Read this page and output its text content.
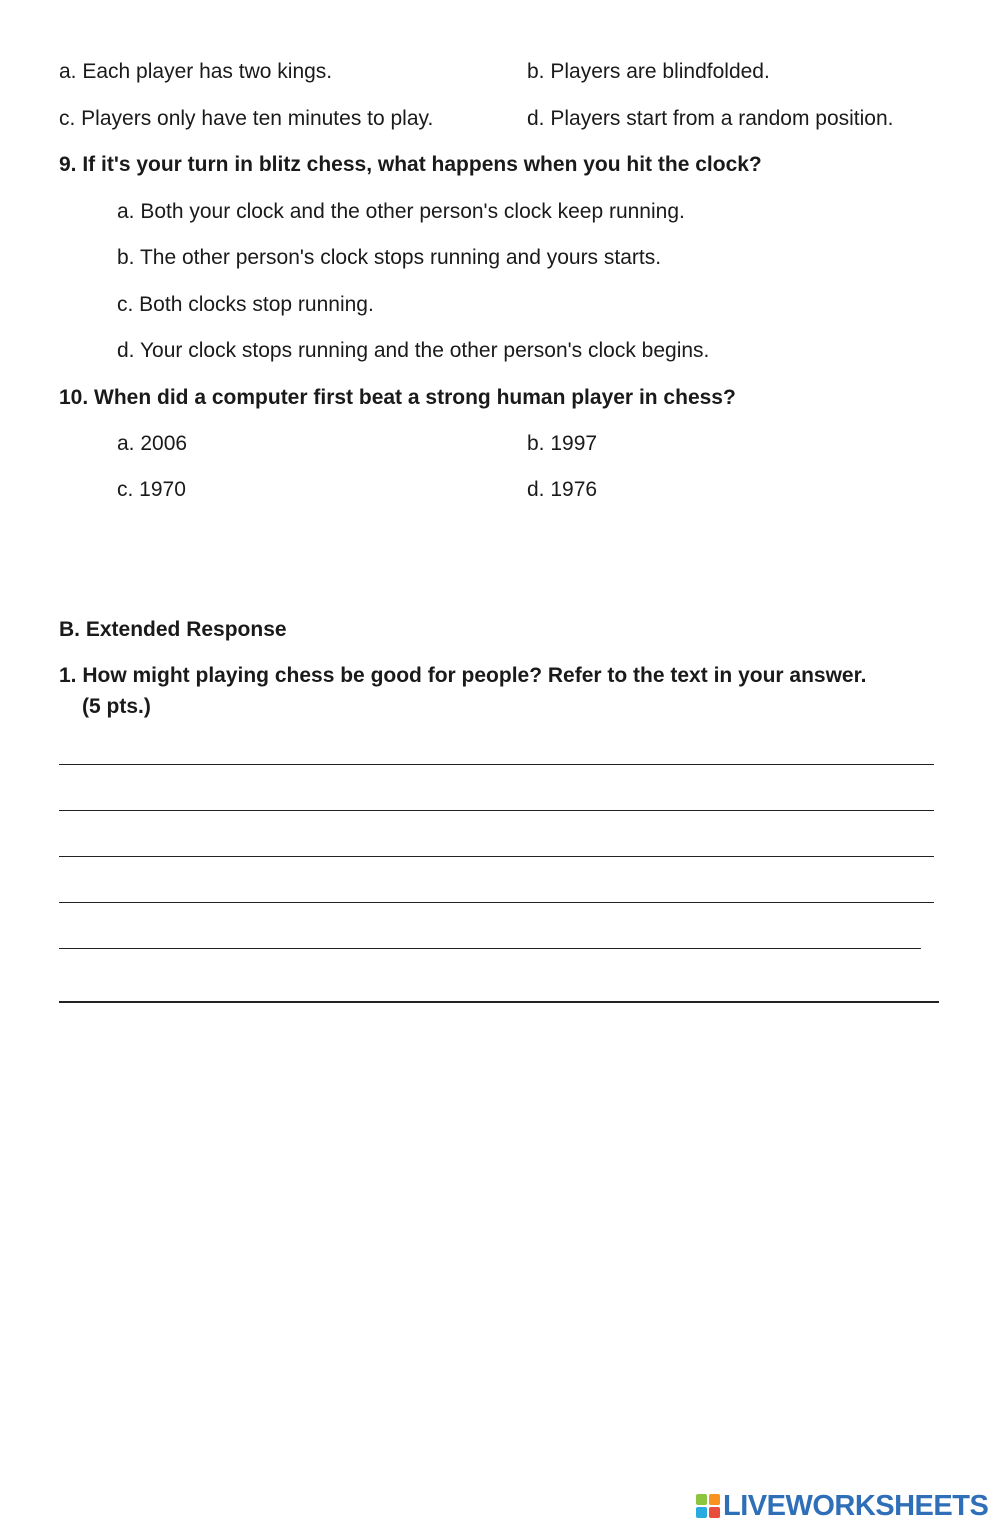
a. Each player has two kings.	b. Players are blindfolded.
c. Players only have ten minutes to play.	d. Players start from a random position.
9. If it's your turn in blitz chess, what happens when you hit the clock?
a. Both your clock and the other person's clock keep running.
b. The other person's clock stops running and yours starts.
c. Both clocks stop running.
d. Your clock stops running and the other person's clock begins.
10. When did a computer first beat a strong human player in chess?
a. 2006	b. 1997
c. 1970	d. 1976
B. Extended Response
1. How might playing chess be good for people? Refer to the text in your answer.
(5 pts.)
LIVEWORKSHEETS
